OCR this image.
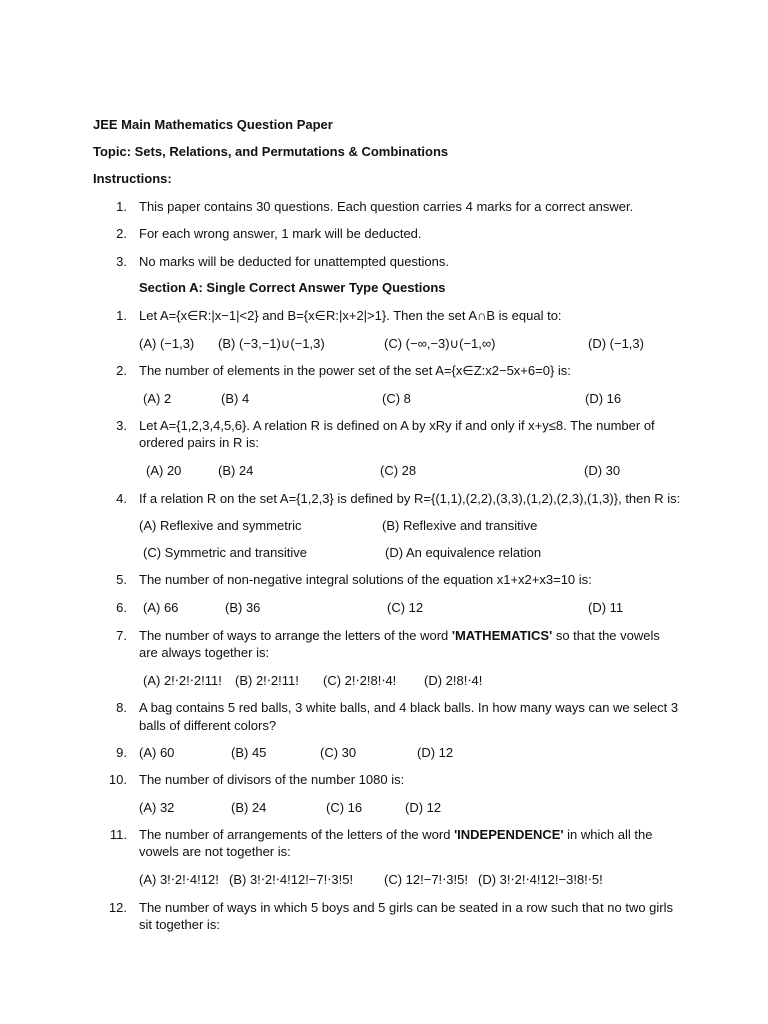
JEE Main Mathematics Question Paper
Topic: Sets, Relations, and Permutations & Combinations
Instructions:
1. This paper contains 30 questions. Each question carries 4 marks for a correct answer.
2. For each wrong answer, 1 mark will be deducted.
3. No marks will be deducted for unattempted questions.
Section A: Single Correct Answer Type Questions
1. Let A={x∈R:|x−1|<2} and B={x∈R:|x+2|>1}. Then the set A∩B is equal to:
(A) (−1,3) (B) (−3,−1)∪(−1,3)	(C) (−∞,−3)∪(−1,∞)	(D) (−1,3)
2. The number of elements in the power set of the set A={x∈Z:x2−5x+6=0} is:
(A) 2	(B) 4	(C) 8	(D) 16
3. Let A={1,2,3,4,5,6}. A relation R is defined on A by xRy if and only if x+y≤8. The number of
ordered pairs in R is:
(A) 20	(B) 24	(C) 28	(D) 30
4. If a relation R on the set A={1,2,3} is defined by R={(1,1),(2,2),(3,3),(1,2),(2,3),(1,3)}, then R is:
(A) Reflexive and symmetric	(B) Reflexive and transitive
(C) Symmetric and transitive	(D) An equivalence relation
5. The number of non-negative integral solutions of the equation x1+x2+x3=10 is:
6. (A) 66	(B) 36	(C) 12	(D) 11
7. The number of ways to arrange the letters of the word 'MATHEMATICS' so that the vowels
are always together is:
(A) 2!⋅2!⋅2!11! (B) 2!⋅2!11! (C) 2!⋅2!8!⋅4! (D) 2!8!⋅4!
8. A bag contains 5 red balls, 3 white balls, and 4 black balls. In how many ways can we select 3
balls of different colors?
9. (A) 60	(B) 45	(C) 30	(D) 12
10. The number of divisors of the number 1080 is:
(A) 32	(B) 24	(C) 16	(D) 12
11. The number of arrangements of the letters of the word 'INDEPENDENCE' in which all the
vowels are not together is:
(A) 3!⋅2!⋅4!12! (B) 3!⋅2!⋅4!12!−7!⋅3!5! (C) 12!−7!⋅3!5! (D) 3!⋅2!⋅4!12!−3!8!⋅5!
12. The number of ways in which 5 boys and 5 girls can be seated in a row such that no two girls
sit together is:
